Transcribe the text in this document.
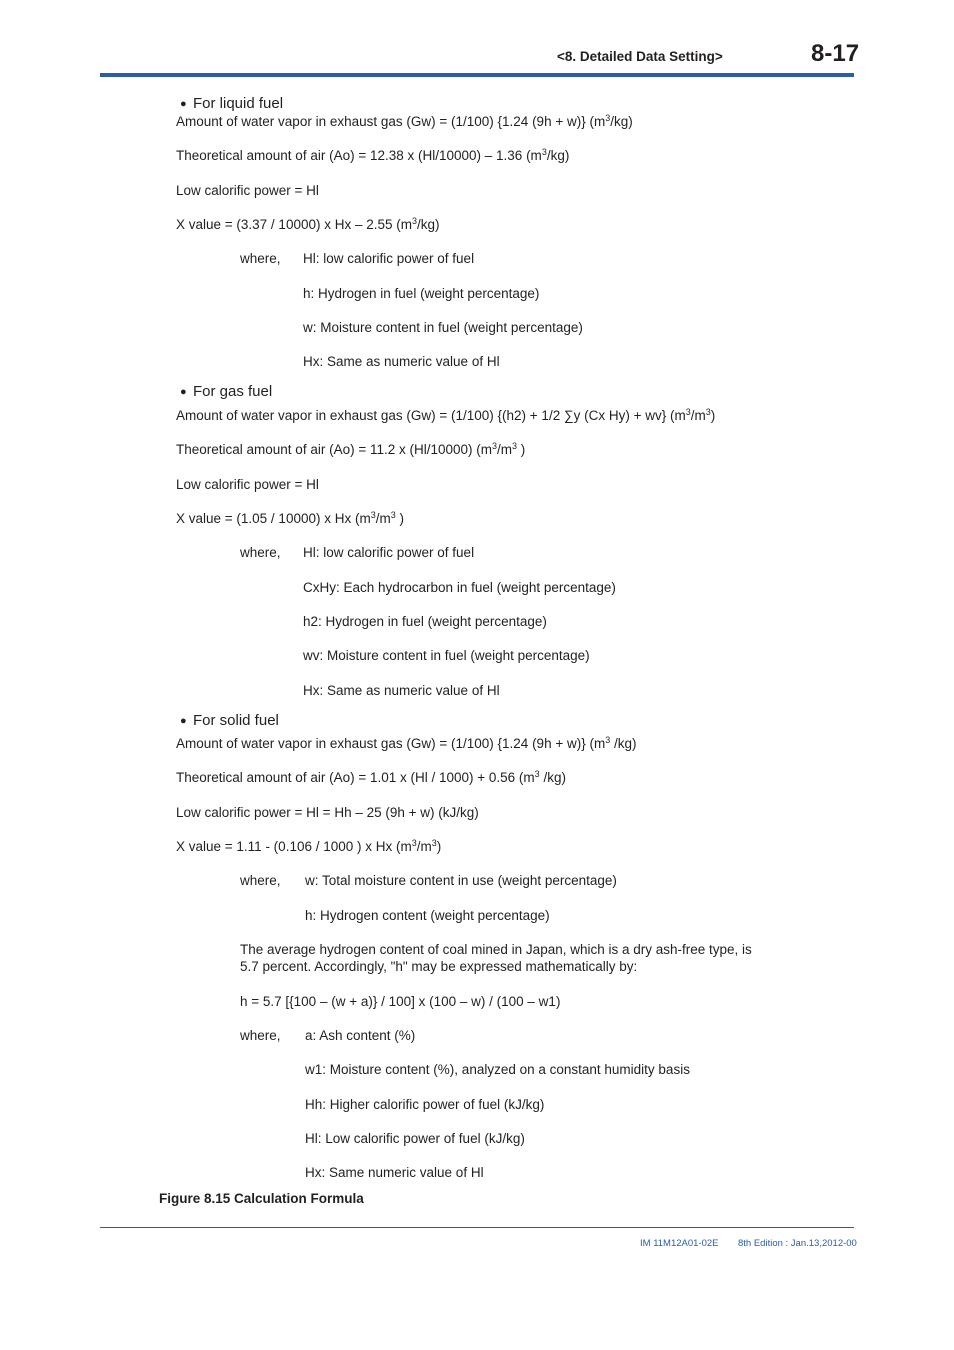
<8. Detailed Data Setting>	8-17
● For liquid fuel
Amount of water vapor in exhaust gas (Gw) = (1/100) {1.24 (9h + w)} $(m^3/kg)$
Theoretical amount of air (Ao) = 12.38 x (Hl/10000) – 1.36 $(m^3/kg)$
Low calorific power = Hl
X value = (3.37 / 10000) x Hx – 2.55 $(m^3/kg)$
where, Hl: low calorific power of fuel
h: Hydrogen in fuel (weight percentage)
w: Moisture content in fuel (weight percentage)
Hx: Same as numeric value of Hl
● For gas fuel
Amount of water vapor in exhaust gas (Gw) = (1/100) {(h2) + 1/2 ∑y (Cx Hy) + wv} $(m^3/m^3)$
Theoretical amount of air (Ao) = 11.2 x (Hl/10000) ($m^3/m^3$ )
Low calorific power = Hl
X value = (1.05 / 10000) x Hx ($m^3/m^3$ )
where, Hl: low calorific power of fuel
CxHy: Each hydrocarbon in fuel (weight percentage)
h2: Hydrogen in fuel (weight percentage)
wv: Moisture content in fuel (weight percentage)
Hx: Same as numeric value of Hl
● For solid fuel
Amount of water vapor in exhaust gas (Gw) = (1/100) {1.24 (9h + w)} ($m^3$ /kg)
Theoretical amount of air (Ao) = 1.01 x (Hl / 1000) + 0.56 ($m^3$ /kg)
Low calorific power = Hl = Hh – 25 (9h + w) (kJ/kg)
X value = 1.11 - (0.106 / 1000 ) x Hx $(m^3/m^3)$
where, w: Total moisture content in use (weight percentage)
h: Hydrogen content (weight percentage)
The average hydrogen content of coal mined in Japan, which is a dry ash-free type, is
5.7 percent. Accordingly, "h" may be expressed mathematically by:
h = 5.7 [{100 – (w + a)} / 100] x (100 – w) / (100 – w1)
where, a: Ash content (%)
w1: Moisture content (%), analyzed on a constant humidity basis
Hh: Higher calorific power of fuel (kJ/kg)
Hl: Low calorific power of fuel (kJ/kg)
Hx: Same numeric value of Hl
Figure 8.15 Calculation Formula
IM 11M12A01-02E 8th Edition : Jan.13,2012-00
